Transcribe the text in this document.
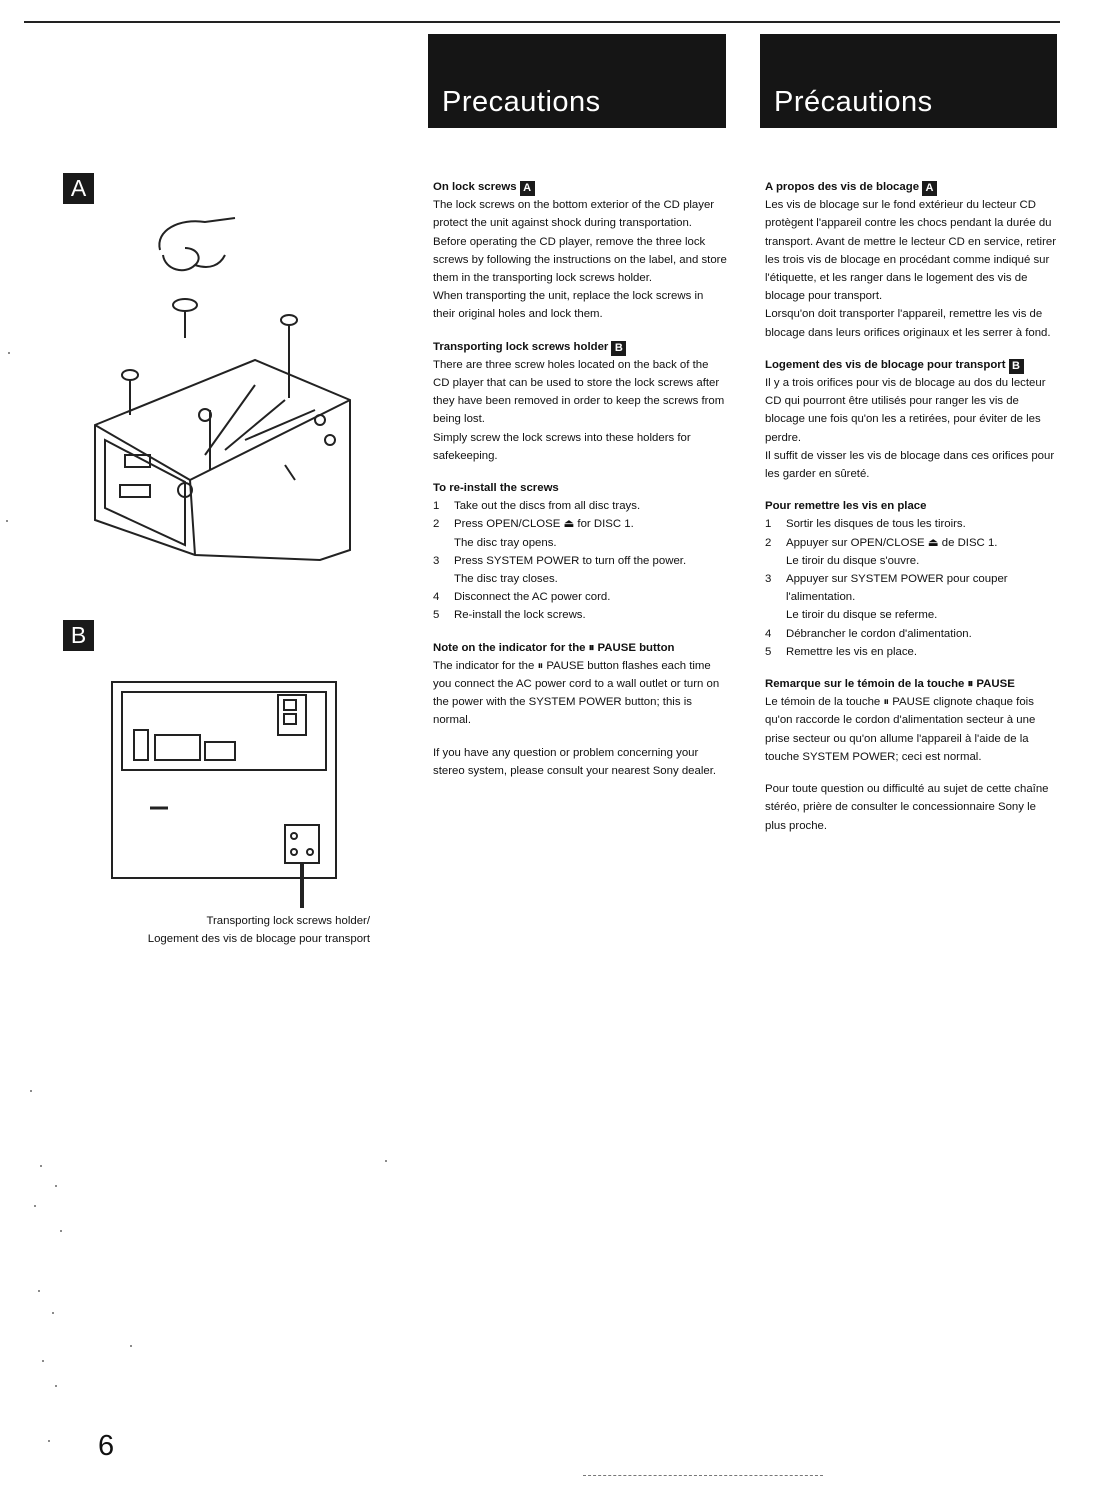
Precautions	Précautions
A
B
Transporting lock screws holder/
Logement des vis de blocage pour transport

On lock screws A

The lock screws on the bottom exterior of the CD player protect the unit against shock during transportation. Before operating the CD player, remove the three lock screws by following the instructions on the label, and store them in the transporting lock screws holder.

When transporting the unit, replace the lock screws in their original holes and lock them.

Transporting lock screws holder B

There are three screw holes located on the back of the CD player that can be used to store the lock screws after they have been removed in order to keep the screws from being lost.

Simply screw the lock screws into these holders for safekeeping.

To re-install the screws

1	Take out the discs from all disc trays.
2	Press OPEN/CLOSE ⏏ for DISC 1.
The disc tray opens.
3	Press SYSTEM POWER to turn off the power.
The disc tray closes.
4	Disconnect the AC power cord.
5	Re-install the lock screws.

Note on the indicator for the ⏸ PAUSE button

The indicator for the ⏸ PAUSE button flashes each time you connect the AC power cord to a wall outlet or turn on the power with the SYSTEM POWER button; this is normal.

If you have any question or problem concerning your stereo system, please consult your nearest Sony dealer.

A propos des vis de blocage A

Les vis de blocage sur le fond extérieur du lecteur CD protègent l'appareil contre les chocs pendant la durée du transport. Avant de mettre le lecteur CD en service, retirer les trois vis de blocage en procédant comme indiqué sur l'étiquette, et les ranger dans le logement des vis de blocage pour transport.

Lorsqu'on doit transporter l'appareil, remettre les vis de blocage dans leurs orifices originaux et les serrer à fond.

Logement des vis de blocage pour transport B

Il y a trois orifices pour vis de blocage au dos du lecteur CD qui pourront être utilisés pour ranger les vis de blocage une fois qu'on les a retirées, pour éviter de les perdre.

Il suffit de visser les vis de blocage dans ces orifices pour les garder en sûreté.

Pour remettre les vis en place

1	Sortir les disques de tous les tiroirs.
2	Appuyer sur OPEN/CLOSE ⏏ de DISC 1.
Le tiroir du disque s'ouvre.
3	Appuyer sur SYSTEM POWER pour couper l'alimentation.
Le tiroir du disque se referme.
4	Débrancher le cordon d'alimentation.
5	Remettre les vis en place.

Remarque sur le témoin de la touche ⏸ PAUSE

Le témoin de la touche ⏸ PAUSE clignote chaque fois qu'on raccorde le cordon d'alimentation secteur à une prise secteur ou qu'on allume l'appareil à l'aide de la touche SYSTEM POWER; ceci est normal.

Pour toute question ou difficulté au sujet de cette chaîne stéréo, prière de consulter le concessionnaire Sony le plus proche.

6
